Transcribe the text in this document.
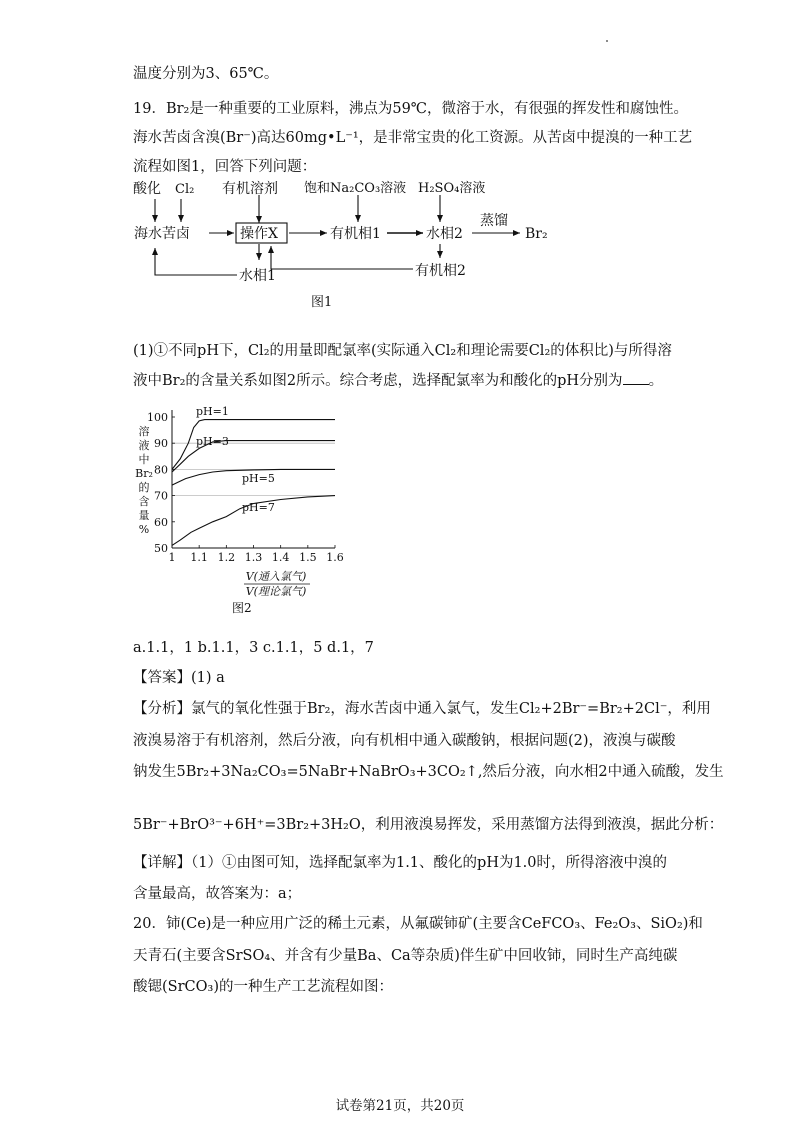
温度分别为3、65℃。
19．Br₂是一种重要的工业原料，沸点为59℃，微溶于水，有很强的挥发性和腐蚀性。
海水苦卤含溴(Br⁻)高达60mg•L⁻¹，是非常宝贵的化工资源。从苦卤中提溴的一种工艺
流程如图1，回答下列问题：
酸化 Cl₂ 有机溶剂 饱和Na₂CO₃溶液 H₂SO₄溶液
海水苦卤	操作X	有机相1	水相2
蒸馏
Br₂
水相1	有机相2
图1
(1)①不同pH下，Cl₂的用量即配氯率(实际通入Cl₂和理论需要Cl₂的体积比)与所得溶
液中Br₂的含量关系如图2所示。综合考虑，选择配氯率为和酸化的pH分别为 。
pH=1
pH=3
pH=5
pH=7
1 1.1 1.2 1.3 1.4 1.5 1.6
50
60
70
80
90
100
溶
液
中
Br₂
的
含
量
%
V(通入氯气)
V(理论氯气)
图2
a.1.1，1 b.1.1，3 c.1.1，5 d.1，7
【答案】(1) a
【分析】氯气的氧化性强于Br₂，海水苦卤中通入氯气，发生Cl₂+2Br⁻=Br₂+2Cl⁻，利用
液溴易溶于有机溶剂，然后分液，向有机相中通入碳酸钠，根据问题(2)，液溴与碳酸
钠发生5Br₂+3Na₂CO₃=5NaBr+NaBrO₃+3CO₂↑,然后分液，向水相2中通入硫酸，发生
5Br⁻+BrO³⁻+6H⁺=3Br₂+3H₂O，利用液溴易挥发，采用蒸馏方法得到液溴，据此分析：
【详解】（1）①由图可知，选择配氯率为1.1、酸化的pH为1.0时，所得溶液中溴的
含量最高，故答案为：a；
20．铈(Ce)是一种应用广泛的稀土元素，从氟碳铈矿(主要含CeFCO₃、Fe₂O₃、SiO₂)和
天青石(主要含SrSO₄、并含有少量Ba、Ca等杂质)伴生矿中回收铈，同时生产高纯碳
酸锶(SrCO₃)的一种生产工艺流程如图：
试卷第21页，共20页
